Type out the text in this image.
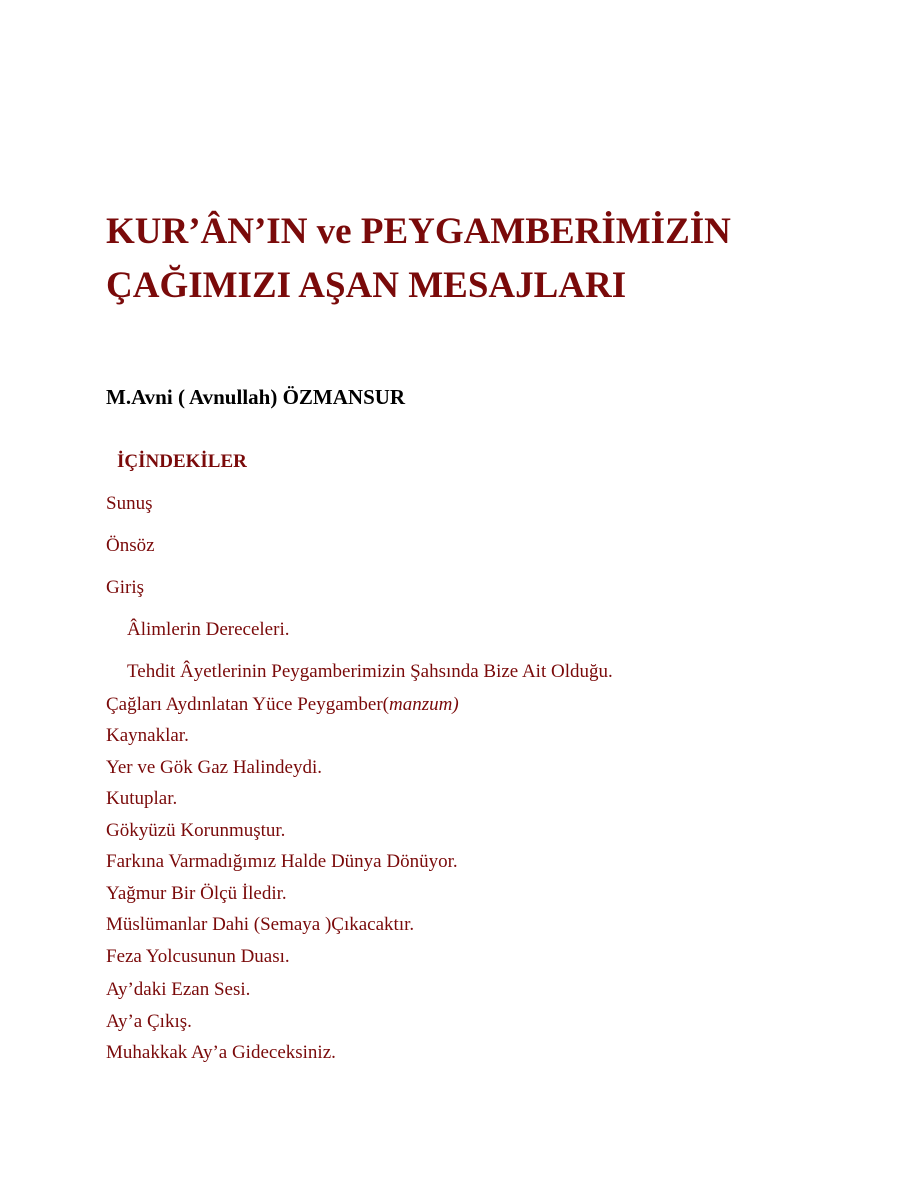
KUR’ÂN’IN ve PEYGAMBERİMİZİN
ÇAĞIMIZI AŞAN MESAJLARI

M.Avni ( Avnullah) ÖZMANSUR

İÇİNDEKİLER
Sunuş
Önsöz
Giriş
Âlimlerin Dereceleri.
Tehdit Âyetlerinin Peygamberimizin Şahsında Bize Ait Olduğu.
Çağları Aydınlatan Yüce Peygamber(manzum)
Kaynaklar.
Yer ve Gök Gaz Halindeydi.
Kutuplar.
Gökyüzü Korunmuştur.
Farkına Varmadığımız Halde Dünya Dönüyor.
Yağmur Bir Ölçü İledir.
Müslümanlar Dahi (Semaya )Çıkacaktır.
Feza Yolcusunun Duası.
Ay’daki Ezan Sesi.
Ay’a Çıkış.
Muhakkak Ay’a Gideceksiniz.
